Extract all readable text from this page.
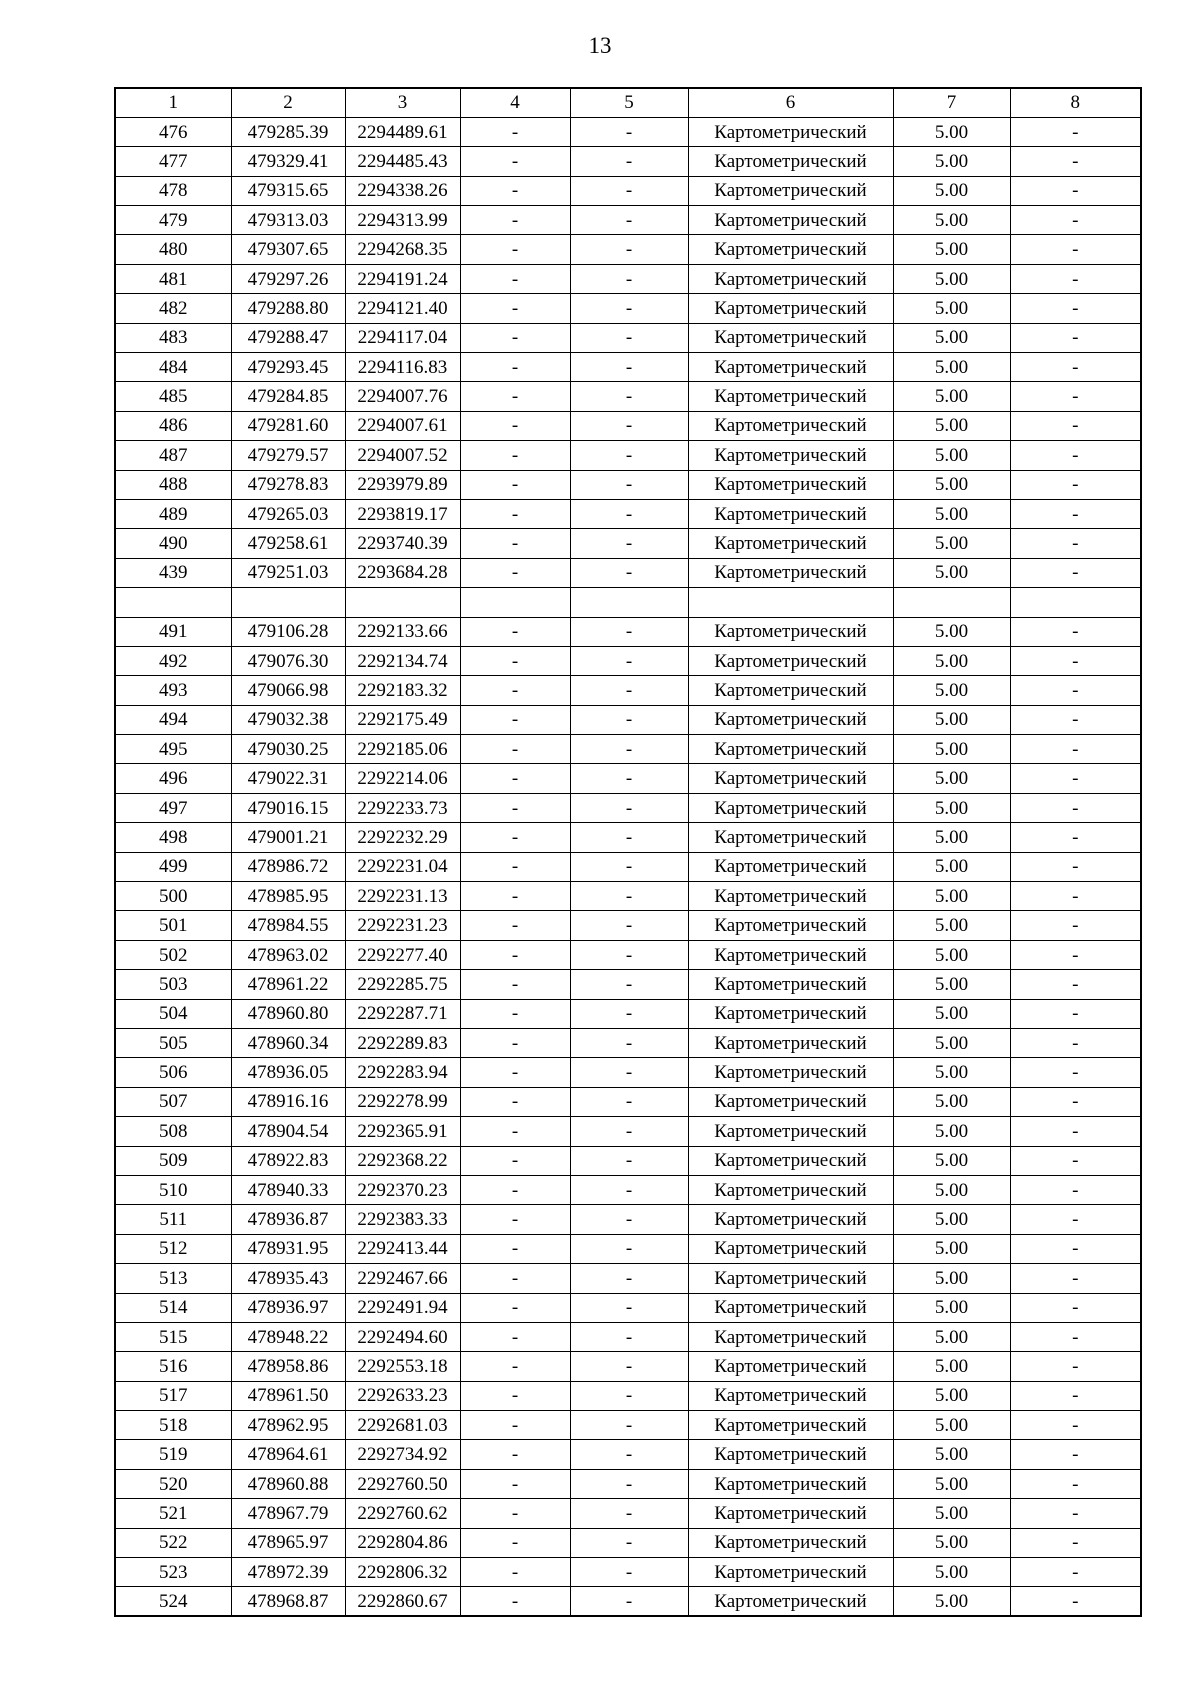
13
1	2	3	4	5	6	7	8
476	479285.39	2294489.61	-	-	Картометрический	5.00	-
477	479329.41	2294485.43	-	-	Картометрический	5.00	-
478	479315.65	2294338.26	-	-	Картометрический	5.00	-
479	479313.03	2294313.99	-	-	Картометрический	5.00	-
480	479307.65	2294268.35	-	-	Картометрический	5.00	-
481	479297.26	2294191.24	-	-	Картометрический	5.00	-
482	479288.80	2294121.40	-	-	Картометрический	5.00	-
483	479288.47	2294117.04	-	-	Картометрический	5.00	-
484	479293.45	2294116.83	-	-	Картометрический	5.00	-
485	479284.85	2294007.76	-	-	Картометрический	5.00	-
486	479281.60	2294007.61	-	-	Картометрический	5.00	-
487	479279.57	2294007.52	-	-	Картометрический	5.00	-
488	479278.83	2293979.89	-	-	Картометрический	5.00	-
489	479265.03	2293819.17	-	-	Картометрический	5.00	-
490	479258.61	2293740.39	-	-	Картометрический	5.00	-
439	479251.03	2293684.28	-	-	Картометрический	5.00	-

491	479106.28	2292133.66	-	-	Картометрический	5.00	-
492	479076.30	2292134.74	-	-	Картометрический	5.00	-
493	479066.98	2292183.32	-	-	Картометрический	5.00	-
494	479032.38	2292175.49	-	-	Картометрический	5.00	-
495	479030.25	2292185.06	-	-	Картометрический	5.00	-
496	479022.31	2292214.06	-	-	Картометрический	5.00	-
497	479016.15	2292233.73	-	-	Картометрический	5.00	-
498	479001.21	2292232.29	-	-	Картометрический	5.00	-
499	478986.72	2292231.04	-	-	Картометрический	5.00	-
500	478985.95	2292231.13	-	-	Картометрический	5.00	-
501	478984.55	2292231.23	-	-	Картометрический	5.00	-
502	478963.02	2292277.40	-	-	Картометрический	5.00	-
503	478961.22	2292285.75	-	-	Картометрический	5.00	-
504	478960.80	2292287.71	-	-	Картометрический	5.00	-
505	478960.34	2292289.83	-	-	Картометрический	5.00	-
506	478936.05	2292283.94	-	-	Картометрический	5.00	-
507	478916.16	2292278.99	-	-	Картометрический	5.00	-
508	478904.54	2292365.91	-	-	Картометрический	5.00	-
509	478922.83	2292368.22	-	-	Картометрический	5.00	-
510	478940.33	2292370.23	-	-	Картометрический	5.00	-
511	478936.87	2292383.33	-	-	Картометрический	5.00	-
512	478931.95	2292413.44	-	-	Картометрический	5.00	-
513	478935.43	2292467.66	-	-	Картометрический	5.00	-
514	478936.97	2292491.94	-	-	Картометрический	5.00	-
515	478948.22	2292494.60	-	-	Картометрический	5.00	-
516	478958.86	2292553.18	-	-	Картометрический	5.00	-
517	478961.50	2292633.23	-	-	Картометрический	5.00	-
518	478962.95	2292681.03	-	-	Картометрический	5.00	-
519	478964.61	2292734.92	-	-	Картометрический	5.00	-
520	478960.88	2292760.50	-	-	Картометрический	5.00	-
521	478967.79	2292760.62	-	-	Картометрический	5.00	-
522	478965.97	2292804.86	-	-	Картометрический	5.00	-
523	478972.39	2292806.32	-	-	Картометрический	5.00	-
524	478968.87	2292860.67	-	-	Картометрический	5.00	-
